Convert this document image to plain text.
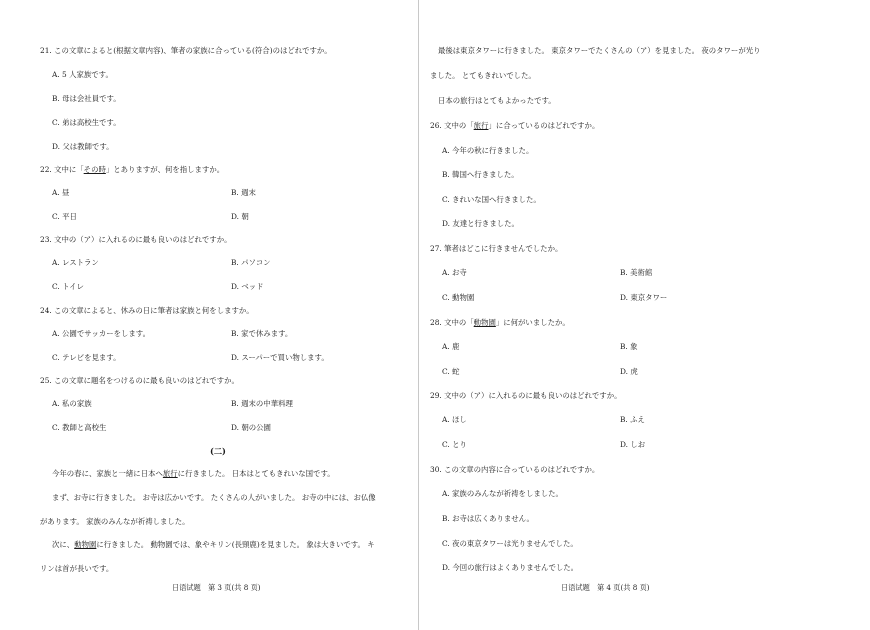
21. この文章によると(根据文章内容)、筆者の家族に合っている(符合)のはどれですか。
A. 5 人家族です。
B. 母は会社員です。
C. 弟は高校生です。
D. 父は教師です。
22. 文中に「その時」とありますが、何を指しますか。
A. 昼	B. 週末
C. 平日	D. 朝
23. 文中の（ア）に入れるのに最も良いのはどれですか。
A. レストラン	B. パソコン
C. トイレ	D. ベッド
24. この文章によると、休みの日に筆者は家族と何をしますか。
A. 公園でサッカーをします。	B. 家で休みます。
C. テレビを見ます。	D. スーパーで買い物します。
25. この文章に題名をつけるのに最も良いのはどれですか。
A. 私の家族	B. 週末の中華料理
C. 教師と高校生	D. 朝の公園
(二)
今年の春に、家族と一緒に日本へ旅行に行きました。 日本はとてもきれいな国です。
まず、お寺に行きました。 お寺は広かいです。 たくさんの人がいました。 お寺の中には、お仏像
があります。 家族のみんなが祈祷しました。
次に、動物園に行きました。 動物園では、象やキリン(長頸鹿)を見ました。 象は大きいです。 キ
リンは首が長いです。
日语试题　第 3 页(共 8 页)
最後は東京タワーに行きました。 東京タワーでたくさんの（ア）を見ました。 夜のタワーが光り
ました。 とてもきれいでした。
日本の旅行はとてもよかったです。
26. 文中の「旅行」に合っているのはどれですか。
A. 今年の秋に行きました。
B. 韓国へ行きました。
C. きれいな国へ行きました。
D. 友達と行きました。
27. 筆者はどこに行きませんでしたか。
A. お寺	B. 美術館
C. 動物園	D. 東京タワー
28. 文中の「動物園」に何がいましたか。
A. 鹿	B. 象
C. 蛇	D. 虎
29. 文中の（ア）に入れるのに最も良いのはどれですか。
A. ほし	B. ふえ
C. とり	D. しお
30. この文章の内容に合っているのはどれですか。
A. 家族のみんなが祈祷をしました。
B. お寺は広くありません。
C. 夜の東京タワーは光りませんでした。
D. 今回の旅行はよくありませんでした。
日语试题　第 4 页(共 8 页)
